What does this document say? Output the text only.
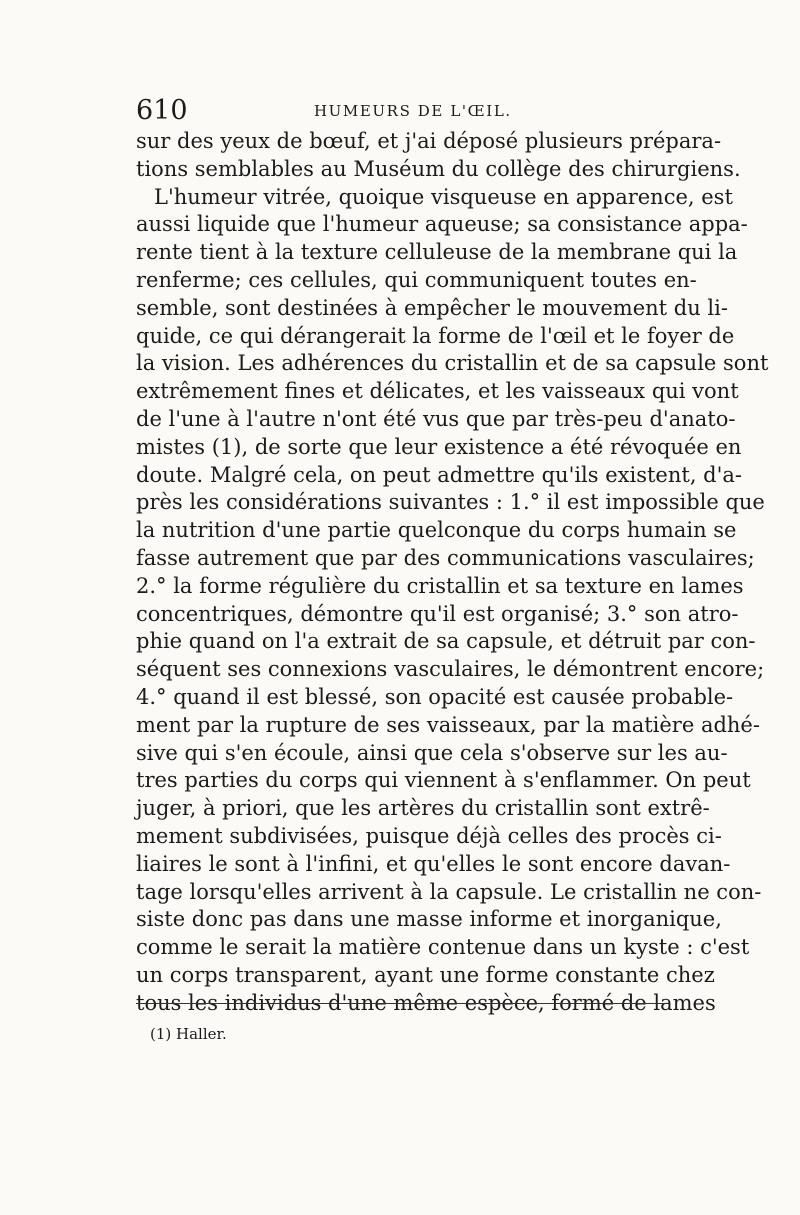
610	HUMEURS DE L'ŒIL.
sur des yeux de bœuf, et j'ai déposé plusieurs prépara-
tions semblables au Muséum du collège des chirurgiens.
L'humeur vitrée, quoique visqueuse en apparence, est
aussi liquide que l'humeur aqueuse; sa consistance appa-
rente tient à la texture celluleuse de la membrane qui la
renferme; ces cellules, qui communiquent toutes en-
semble, sont destinées à empêcher le mouvement du li-
quide, ce qui dérangerait la forme de l'œil et le foyer de
la vision. Les adhérences du cristallin et de sa capsule sont
extrêmement fines et délicates, et les vaisseaux qui vont
de l'une à l'autre n'ont été vus que par très-peu d'anato-
mistes (1), de sorte que leur existence a été révoquée en
doute. Malgré cela, on peut admettre qu'ils existent, d'a-
près les considérations suivantes : 1.° il est impossible que
la nutrition d'une partie quelconque du corps humain se
fasse autrement que par des communications vasculaires;
2.° la forme régulière du cristallin et sa texture en lames
concentriques, démontre qu'il est organisé; 3.° son atro-
phie quand on l'a extrait de sa capsule, et détruit par con-
séquent ses connexions vasculaires, le démontrent encore;
4.° quand il est blessé, son opacité est causée probable-
ment par la rupture de ses vaisseaux, par la matière adhé-
sive qui s'en écoule, ainsi que cela s'observe sur les au-
tres parties du corps qui viennent à s'enflammer. On peut
juger, à priori, que les artères du cristallin sont extrê-
mement subdivisées, puisque déjà celles des procès ci-
liaires le sont à l'infini, et qu'elles le sont encore davan-
tage lorsqu'elles arrivent à la capsule. Le cristallin ne con-
siste donc pas dans une masse informe et inorganique,
comme le serait la matière contenue dans un kyste : c'est
un corps transparent, ayant une forme constante chez
tous les individus d'une même espèce, formé de lames
(1) Haller.
